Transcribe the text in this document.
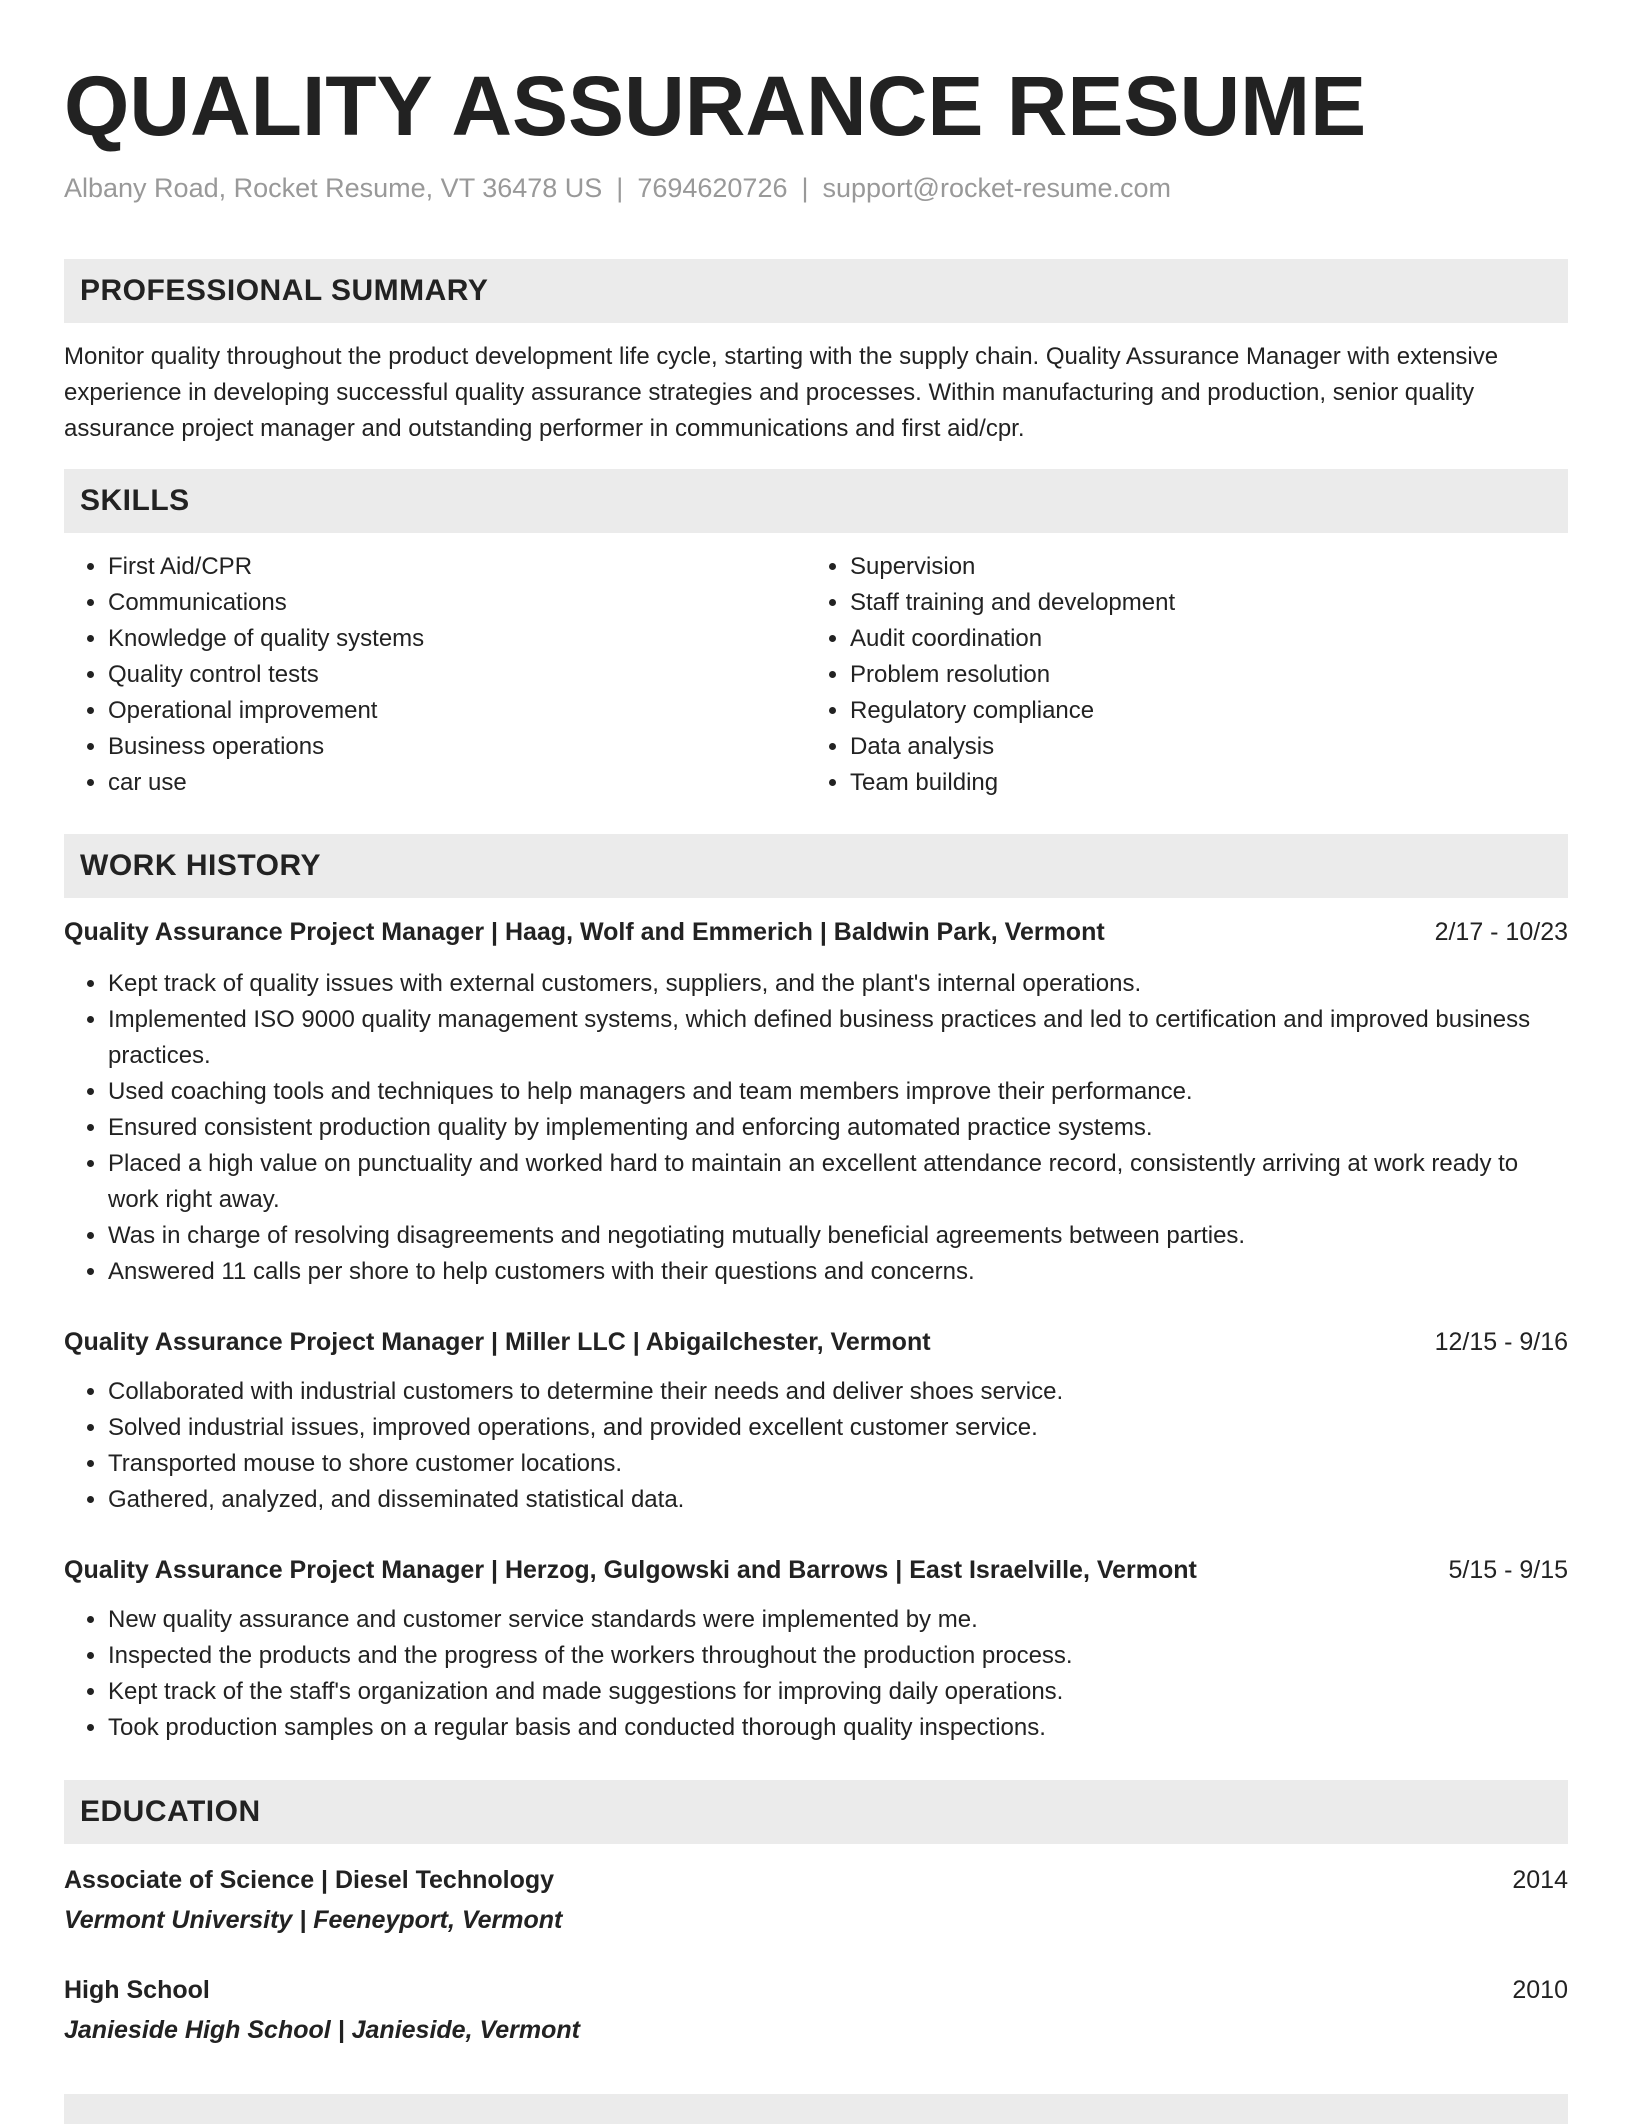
QUALITY ASSURANCE RESUME
Albany Road, Rocket Resume, VT 36478 US | 7694620726 | support@rocket-resume.com
PROFESSIONAL SUMMARY

Monitor quality throughout the product development life cycle, starting with the supply chain. Quality Assurance Manager with extensive experience in developing successful quality assurance strategies and processes. Within manufacturing and production, senior quality assurance project manager and outstanding performer in communications and first aid/cpr.

SKILLS
• First Aid/CPR
• Communications
• Knowledge of quality systems
• Quality control tests
• Operational improvement
• Business operations
• car use
• Supervision
• Staff training and development
• Audit coordination
• Problem resolution
• Regulatory compliance
• Data analysis
• Team building
WORK HISTORY
Quality Assurance Project Manager | Haag, Wolf and Emmerich | Baldwin Park, Vermont	2/17 - 10/23
• Kept track of quality issues with external customers, suppliers, and the plant's internal operations.
• Implemented ISO 9000 quality management systems, which defined business practices and led to certification and improved business practices.
• Used coaching tools and techniques to help managers and team members improve their performance.
• Ensured consistent production quality by implementing and enforcing automated practice systems.
• Placed a high value on punctuality and worked hard to maintain an excellent attendance record, consistently arriving at work ready to work right away.
• Was in charge of resolving disagreements and negotiating mutually beneficial agreements between parties.
• Answered 11 calls per shore to help customers with their questions and concerns.
Quality Assurance Project Manager | Miller LLC | Abigailchester, Vermont	12/15 - 9/16
• Collaborated with industrial customers to determine their needs and deliver shoes service.
• Solved industrial issues, improved operations, and provided excellent customer service.
• Transported mouse to shore customer locations.
• Gathered, analyzed, and disseminated statistical data.
Quality Assurance Project Manager | Herzog, Gulgowski and Barrows | East Israelville, Vermont	5/15 - 9/15
• New quality assurance and customer service standards were implemented by me.
• Inspected the products and the progress of the workers throughout the production process.
• Kept track of the staff's organization and made suggestions for improving daily operations.
• Took production samples on a regular basis and conducted thorough quality inspections.
EDUCATION
Associate of Science | Diesel Technology	2014
Vermont University | Feeneyport, Vermont
High School	2010
Janieside High School | Janieside, Vermont
